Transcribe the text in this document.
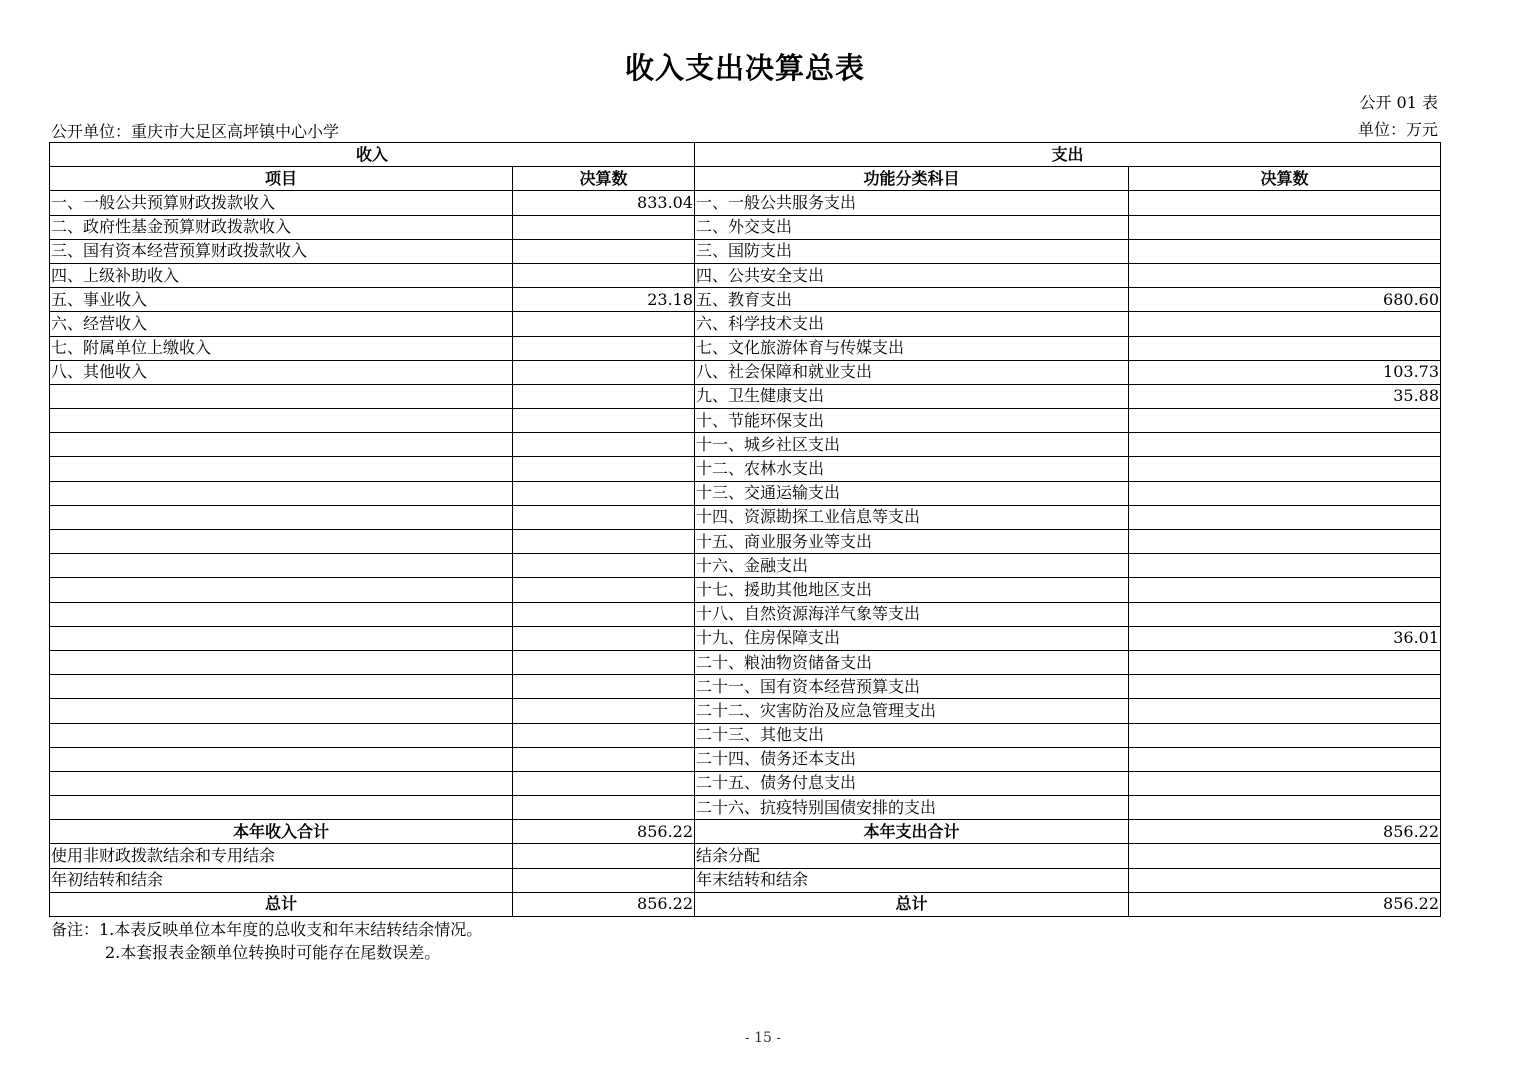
收入支出决算总表
公开 01 表
公开单位：重庆市大足区高坪镇中心小学	单位：万元
收入		支出	
项目	决算数	功能分类科目	决算数
一、一般公共预算财政拨款收入	833.04	一、一般公共服务支出	
二、政府性基金预算财政拨款收入		二、外交支出	
三、国有资本经营预算财政拨款收入		三、国防支出	
四、上级补助收入		四、公共安全支出	
五、事业收入	23.18	五、教育支出	680.60
六、经营收入		六、科学技术支出	
七、附属单位上缴收入		七、文化旅游体育与传媒支出	
八、其他收入		八、社会保障和就业支出	103.73
		九、卫生健康支出	35.88
		十、节能环保支出	
		十一、城乡社区支出	
		十二、农林水支出	
		十三、交通运输支出	
		十四、资源勘探工业信息等支出	
		十五、商业服务业等支出	
		十六、金融支出	
		十七、援助其他地区支出	
		十八、自然资源海洋气象等支出	
		十九、住房保障支出	36.01
		二十、粮油物资储备支出	
		二十一、国有资本经营预算支出	
		二十二、灾害防治及应急管理支出	
		二十三、其他支出	
		二十四、债务还本支出	
		二十五、债务付息支出	
		二十六、抗疫特别国债安排的支出	
本年收入合计	856.22	本年支出合计	856.22
使用非财政拨款结余和专用结余		结余分配	
年初结转和结余		年末结转和结余	
总计	856.22	总计	856.22
备注：1.本表反映单位本年度的总收支和年末结转结余情况。
2.本套报表金额单位转换时可能存在尾数误差。
- 15 -
